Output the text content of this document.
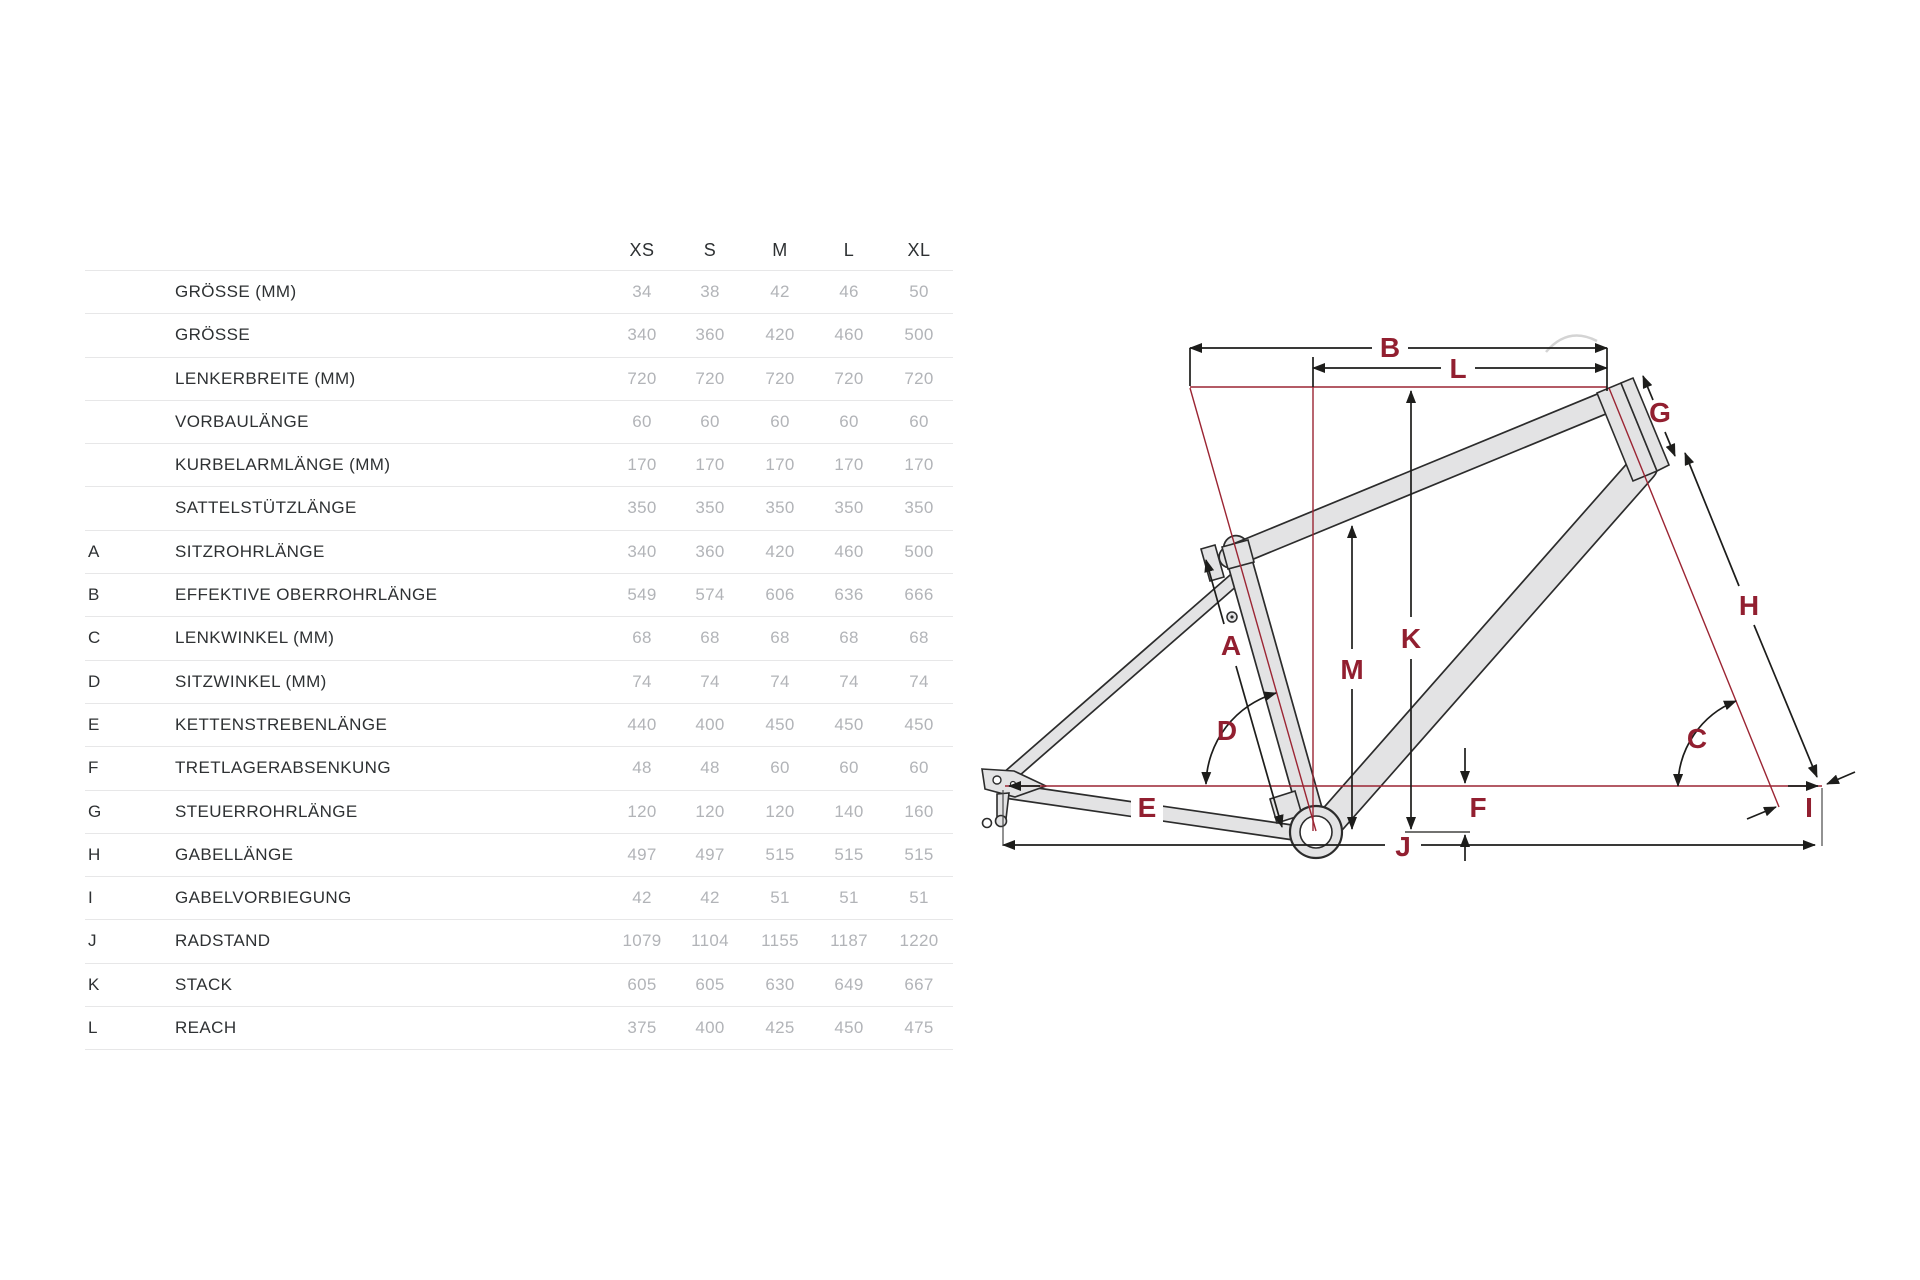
XS	S	M	L	XL
GRÖSSE (MM)	34	38	42	46	50
GRÖSSE	340	360	420	460	500
LENKERBREITE (MM)	720	720	720	720	720
VORBAULÄNGE	60	60	60	60	60
KURBELARMLÄNGE (MM)	170	170	170	170	170
SATTELSTÜTZLÄNGE	350	350	350	350	350
A	SITZROHRLÄNGE	340	360	420	460	500
B	EFFEKTIVE OBERROHRLÄNGE	549	574	606	636	666
C	LENKWINKEL (MM)	68	68	68	68	68
D	SITZWINKEL (MM)	74	74	74	74	74
E	KETTENSTREBENLÄNGE	440	400	450	450	450
F	TRETLAGERABSENKUNG	48	48	60	60	60
G	STEUERROHRLÄNGE	120	120	120	140	160
H	GABELLÄNGE	497	497	515	515	515
I	GABELVORBIEGUNG	42	42	51	51	51
J	RADSTAND	1079	1104	1155	1187	1220
K	STACK	605	605	630	649	667
L	REACH	375	400	425	450	475
B
L
G
H
K
M
A
D	C
E	F	I
J
